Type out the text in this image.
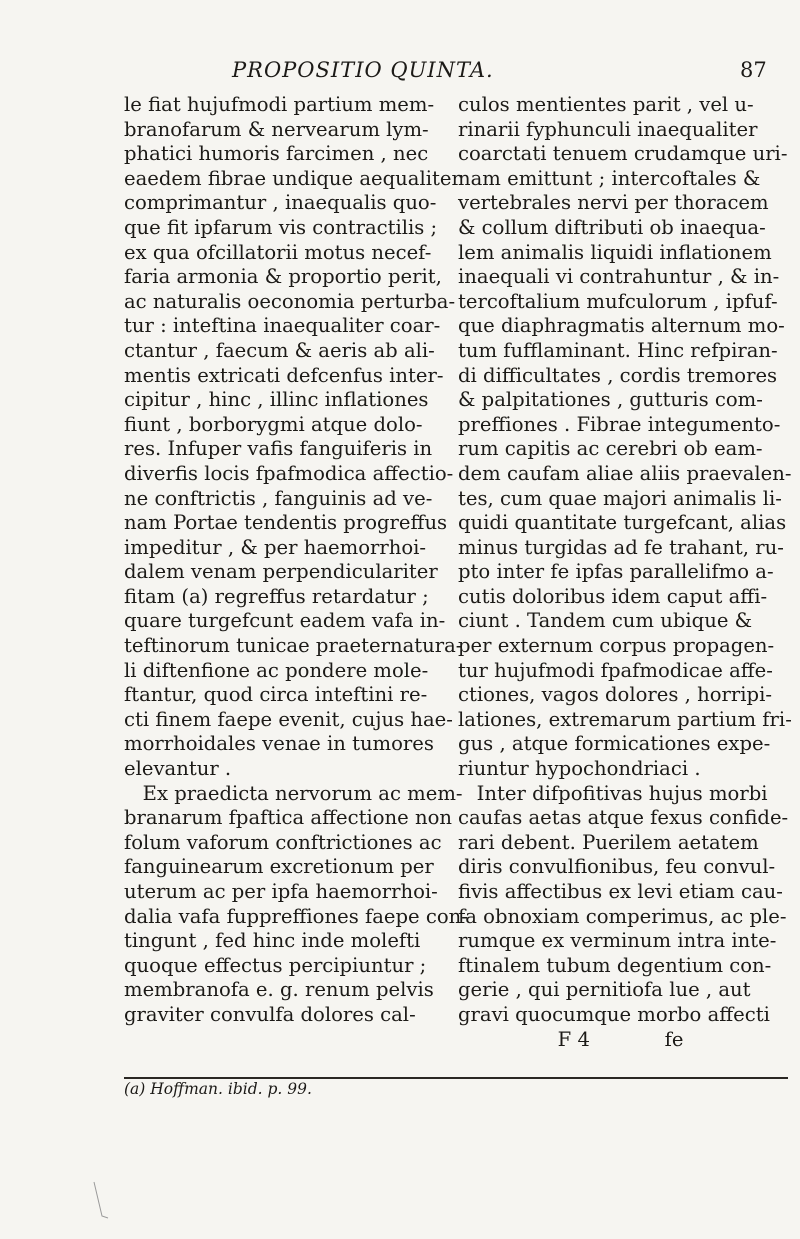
PROPOSITIO QUINTA.	87
le fiat hujufmodi partium mem-
branofarum & nervearum lym-
phatici humoris farcimen , nec
eaedem fibrae undique aequaliter
comprimantur , inaequalis quo-
que fit ipfarum vis contractilis ;
ex qua ofcillatorii motus necef-
faria armonia & proportio perit,
ac naturalis oeconomia perturba-
tur : inteftina inaequaliter coar-
ctantur , faecum & aeris ab ali-
mentis extricati defcenfus inter-
cipitur , hinc , illinc inflationes
fiunt , borborygmi atque dolo-
res. Infuper vafis fanguiferis in
diverfis locis fpafmodica affectio-
ne conftrictis , fanguinis ad ve-
nam Portae tendentis progreffus
impeditur , & per haemorrhoi-
dalem venam perpendiculariter
fitam (a) regreffus retardatur ;
quare turgefcunt eadem vafa in-
teftinorum tunicae praeternatura-
li diftenfione ac pondere mole-
ftantur, quod circa inteftini re-
cti finem faepe evenit, cujus hae-
morrhoidales venae in tumores
elevantur .
Ex praedicta nervorum ac mem-
branarum fpaftica affectione non
folum vaforum conftrictiones ac
fanguinearum excretionum per
uterum ac per ipfa haemorrhoi-
dalia vafa fuppreffiones faepe con-
tingunt , fed hinc inde molefti
quoque effectus percipiuntur ;
membranofa e. g. renum pelvis
graviter convulfa dolores cal-
culos mentientes parit , vel u-
rinarii fyphunculi inaequaliter
coarctati tenuem crudamque uri-
nam emittunt ; intercoftales &
vertebrales nervi per thoracem
& collum diftributi ob inaequa-
lem animalis liquidi inflationem
inaequali vi contrahuntur , & in-
tercoftalium mufculorum , ipfuf-
que diaphragmatis alternum mo-
tum fufflaminant. Hinc refpiran-
di difficultates , cordis tremores
& palpitationes , gutturis com-
preffiones . Fibrae integumento-
rum capitis ac cerebri ob eam-
dem caufam aliae aliis praevalen-
tes, cum quae majori animalis li-
quidi quantitate turgefcant, alias
minus turgidas ad fe trahant, ru-
pto inter fe ipfas parallelifmo a-
cutis doloribus idem caput affi-
ciunt . Tandem cum ubique &
per externum corpus propagen-
tur hujufmodi fpafmodicae affe-
ctiones, vagos dolores , horripi-
lationes, extremarum partium fri-
gus , atque formicationes expe-
riuntur hypochondriaci .
Inter difpofitivas hujus morbi
caufas aetas atque fexus confide-
rari debent. Puerilem aetatem
diris convulfionibus, feu convul-
fivis affectibus ex levi etiam cau-
fa obnoxiam comperimus, ac ple-
rumque ex verminum intra inte-
ftinalem tubum degentium con-
gerie , qui pernitiofa lue , aut
gravi quocumque morbo affecti
F 4            fe
(a) Hoffman. ibid. p. 99.
